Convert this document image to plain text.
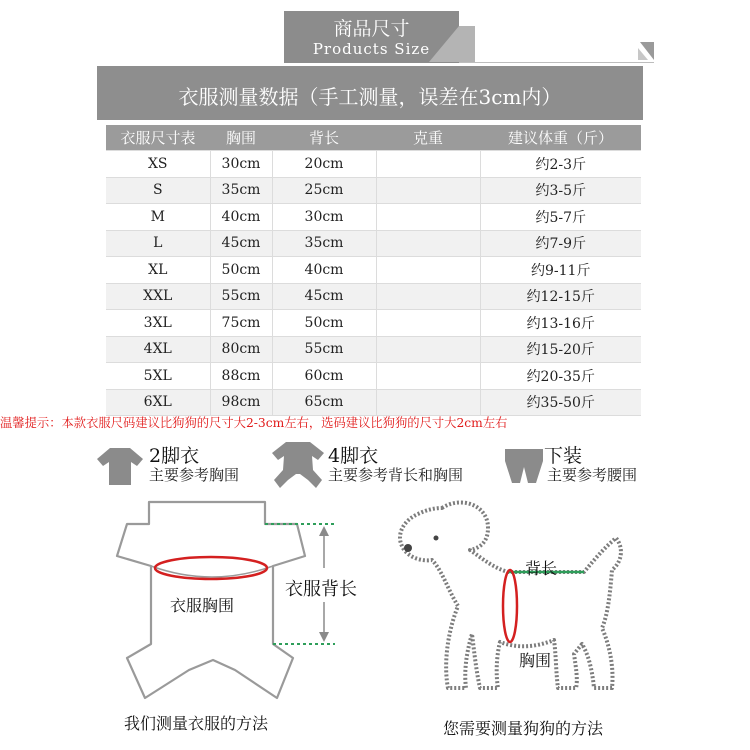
商品尺寸
Products Size
衣服测量数据（手工测量，误差在3cm内）
衣服尺寸表	胸围	背长	克重	建议体重（斤）
XS	30cm	20cm		约2-3斤
S	35cm	25cm		约3-5斤
M	40cm	30cm		约5-7斤
L	45cm	35cm		约7-9斤
XL	50cm	40cm		约9-11斤
XXL	55cm	45cm		约12-15斤
3XL	75cm	50cm		约13-16斤
4XL	80cm	55cm		约15-20斤
5XL	88cm	60cm		约20-35斤
6XL	98cm	65cm		约35-50斤
温馨提示：本款衣服尺码建议比狗狗的尺寸大2-3cm左右，选码建议比狗狗的尺寸大2cm左右
2脚衣
主要参考胸围
4脚衣
主要参考背长和胸围
下装
主要参考腰围
衣服胸围
衣服背长
我们测量衣服的方法
背长
胸围
您需要测量狗狗的方法
